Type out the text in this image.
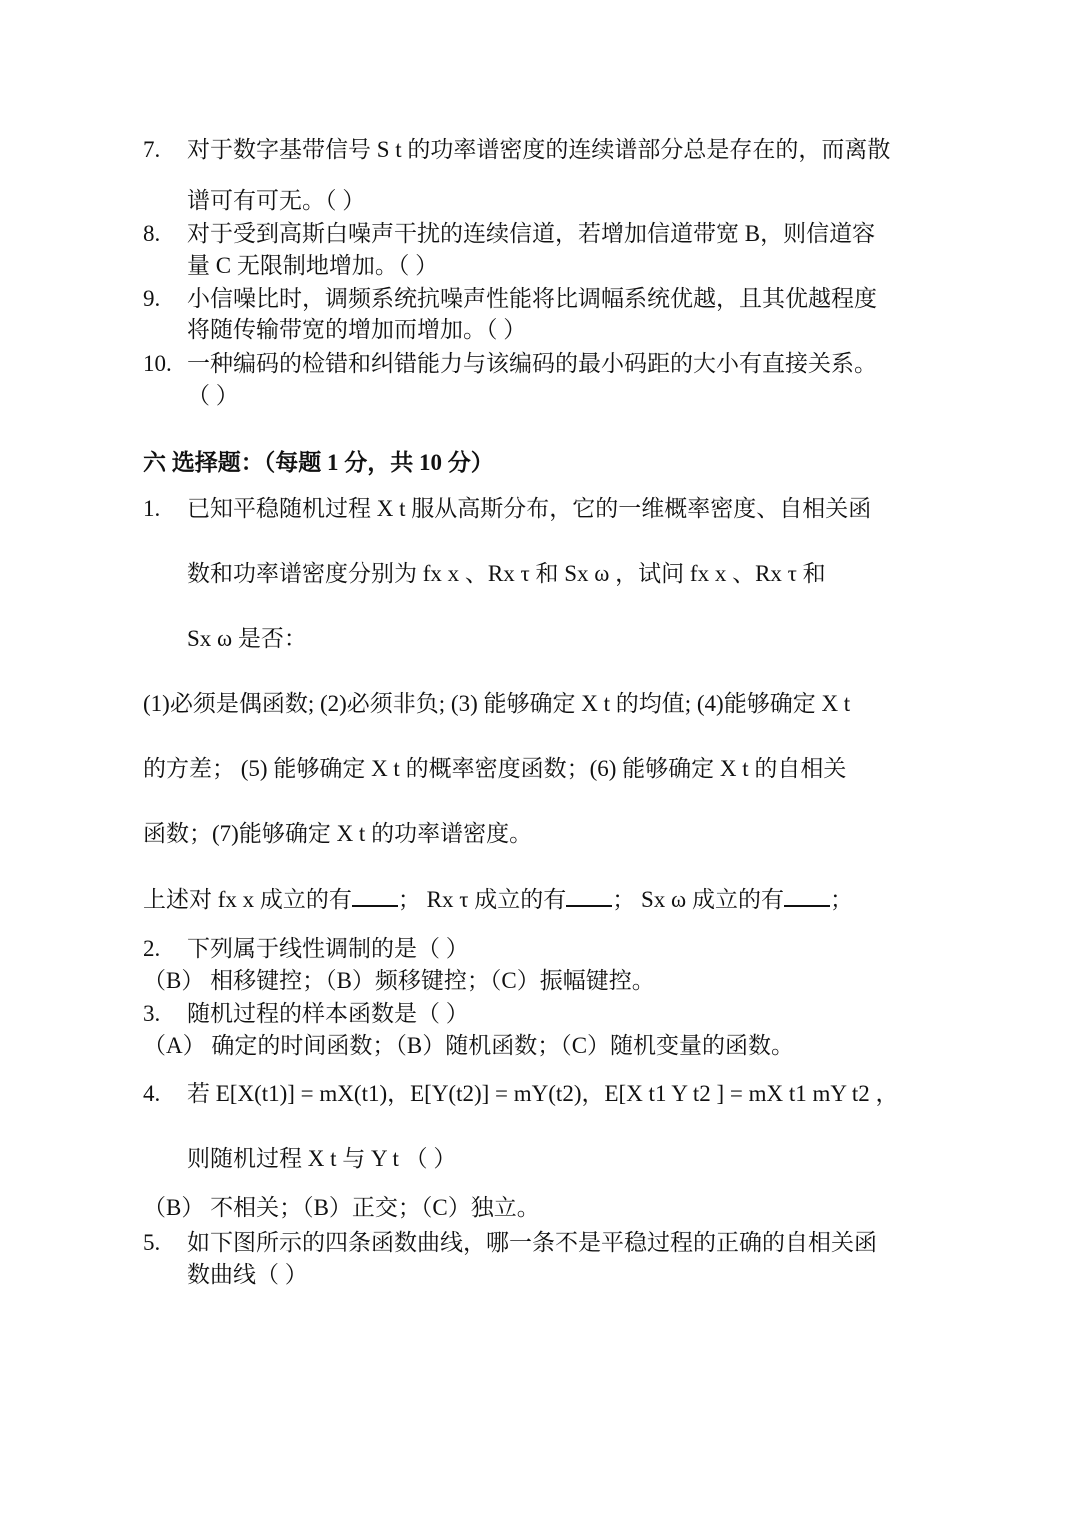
7. 对于数字基带信号 S t 的功率谱密度的连续谱部分总是存在的，而离散
谱可有可无。（ ）
8. 对于受到高斯白噪声干扰的连续信道，若增加信道带宽 B，则信道容
量 C 无限制地增加。（ ）
9. 小信噪比时，调频系统抗噪声性能将比调幅系统优越，且其优越程度
将随传输带宽的增加而增加。（ ）
10. 一种编码的检错和纠错能力与该编码的最小码距的大小有直接关系。
（ ）
六 选择题：（每题 1 分，共 10 分）
1. 已知平稳随机过程 X t 服从高斯分布，它的一维概率密度、自相关函
数和功率谱密度分别为 fx x 、Rx τ 和 Sx ω ，试问 fx x 、Rx τ 和
Sx ω 是否：
(1)必须是偶函数; (2)必须非负; (3) 能够确定 X t 的均值; (4)能够确定 X t
的方差； (5) 能够确定 X t 的概率密度函数；(6) 能够确定 X t 的自相关
函数；(7)能够确定 X t 的功率谱密度。
上述对 fx x 成立的有 ； Rx τ 成立的有 ； Sx ω 成立的有 ；
2. 下列属于线性调制的是（ ）
（B） 相移键控；（B）频移键控；（C）振幅键控。
3. 随机过程的样本函数是（ ）
（A） 确定的时间函数；（B）随机函数；（C）随机变量的函数。
4. 若 E[X(t1)] = mX(t1)，E[Y(t2)] = mY(t2)，E[X t1 Y t2 ] = mX t1 mY t2 ，
则随机过程 X t 与 Y t （ ）
（B） 不相关；（B）正交；（C）独立。
5. 如下图所示的四条函数曲线，哪一条不是平稳过程的正确的自相关函
数曲线（ ）
